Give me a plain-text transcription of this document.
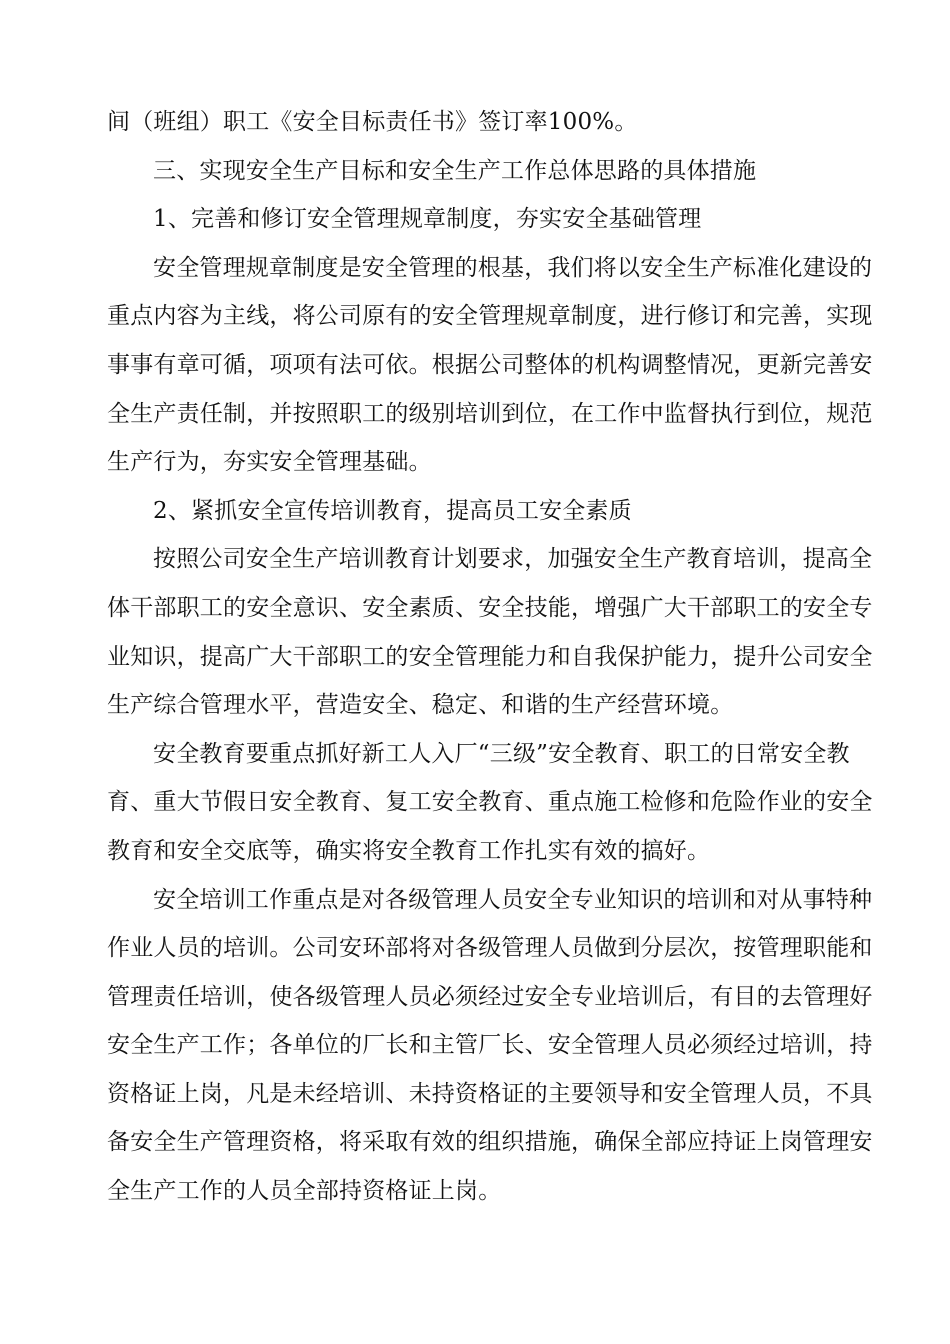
间（班组）职工《安全目标责任书》签订率100%。
三、实现安全生产目标和安全生产工作总体思路的具体措施
1、完善和修订安全管理规章制度，夯实安全基础管理
安全管理规章制度是安全管理的根基，我们将以安全生产标准化建设的
重点内容为主线，将公司原有的安全管理规章制度，进行修订和完善，实现
事事有章可循，项项有法可依。根据公司整体的机构调整情况，更新完善安
全生产责任制，并按照职工的级别培训到位，在工作中监督执行到位，规范
生产行为，夯实安全管理基础。
2、紧抓安全宣传培训教育，提高员工安全素质
按照公司安全生产培训教育计划要求，加强安全生产教育培训，提高全
体干部职工的安全意识、安全素质、安全技能，增强广大干部职工的安全专
业知识，提高广大干部职工的安全管理能力和自我保护能力，提升公司安全
生产综合管理水平，营造安全、稳定、和谐的生产经营环境。
安全教育要重点抓好新工人入厂“三级”安全教育、职工的日常安全教
育、重大节假日安全教育、复工安全教育、重点施工检修和危险作业的安全
教育和安全交底等，确实将安全教育工作扎实有效的搞好。
安全培训工作重点是对各级管理人员安全专业知识的培训和对从事特种
作业人员的培训。公司安环部将对各级管理人员做到分层次，按管理职能和
管理责任培训，使各级管理人员必须经过安全专业培训后，有目的去管理好
安全生产工作；各单位的厂长和主管厂长、安全管理人员必须经过培训，持
资格证上岗，凡是未经培训、未持资格证的主要领导和安全管理人员，不具
备安全生产管理资格，将采取有效的组织措施，确保全部应持证上岗管理安
全生产工作的人员全部持资格证上岗。
